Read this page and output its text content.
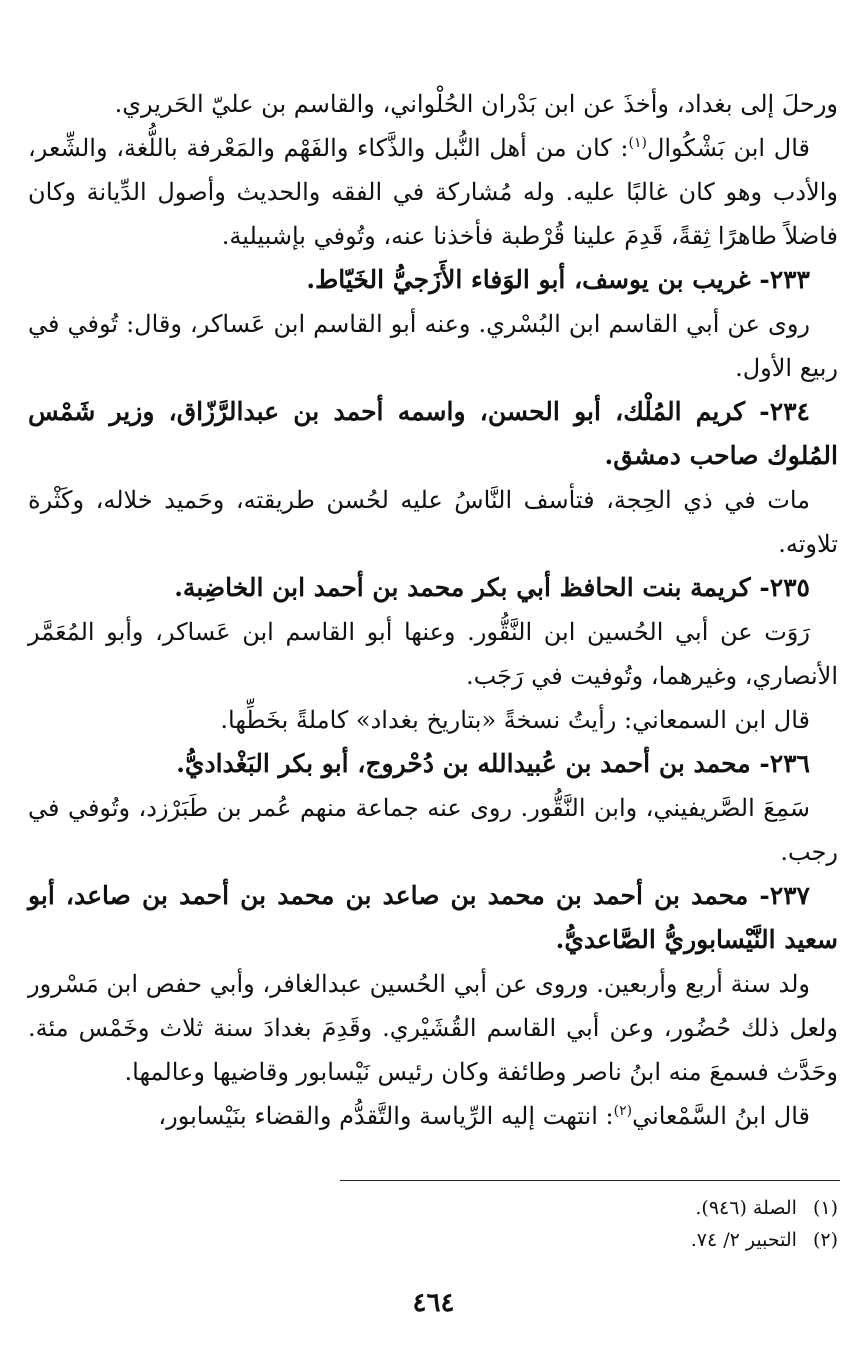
ورحلَ إلى بغداد، وأخذَ عن ابن بَدْران الحُلْواني، والقاسم بن عليّ الحَريري.

قال ابن بَشْكُوال$^{(١)}$: كان من أهل النُّبل والذَّكاء والفَهْم والمَعْرفة باللُّغة، والشِّعر، والأدب وهو كان غالبًا عليه. وله مُشاركة في الفقه والحديث وأصول الدِّيانة وكان فاضلاً طاهرًا ثِقةً، قَدِمَ علينا قُرْطبة فأخذنا عنه، وتُوفي بإشبيلية.

٢٣٣- غريب بن يوسف، أبو الوَفاء الأَزَجيُّ الخَيّاط.

روى عن أبي القاسم ابن البُسْري. وعنه أبو القاسم ابن عَساكر، وقال: تُوفي في ربيع الأول.

٢٣٤- كريم المُلْك، أبو الحسن، واسمه أحمد بن عبدالرَّزّاق، وزير شَمْس المُلوك صاحب دمشق.

مات في ذي الحِجة، فتأسف النَّاسُ عليه لحُسن طريقته، وحَميد خلاله، وكَثْرة تلاوته.

٢٣٥- كريمة بنت الحافظ أبي بكر محمد بن أحمد ابن الخاضِبة.

رَوَت عن أبي الحُسين ابن النَّقُّور. وعنها أبو القاسم ابن عَساكر، وأبو المُعَمَّر الأنصاري، وغيرهما، وتُوفيت في رَجَب.

قال ابن السمعاني: رأيتُ نسخةً «بتاريخ بغداد» كاملةً بخَطِّها.

٢٣٦- محمد بن أحمد بن عُبيدالله بن دُحْروج، أبو بكر البَغْداديُّ.

سَمِعَ الصَّريفيني، وابن النَّقُّور. روى عنه جماعة منهم عُمر بن طَبَرْزد، وتُوفي في رجب.

٢٣٧- محمد بن أحمد بن محمد بن صاعد بن محمد بن أحمد بن صاعد، أبو سعيد النَّيْسابوريُّ الصَّاعديُّ.

ولد سنة أربع وأربعين. وروى عن أبي الحُسين عبدالغافر، وأبي حفص ابن مَسْرور ولعل ذلك حُضُور، وعن أبي القاسم القُشَيْري. وقَدِمَ بغدادَ سنة ثلاث وخَمْس مئة. وحَدَّث فسمعَ منه ابنُ ناصر وطائفة وكان رئيس نَيْسابور وقاضيها وعالمها.

قال ابنُ السَّمْعاني$^{(٢)}$: انتهت إليه الرِّياسة والتَّقدُّم والقضاء بنَيْسابور،

(١)الصلة (٩٤٦).

(٢)التحبير ٢/ ٧٤.

٤٦٤
